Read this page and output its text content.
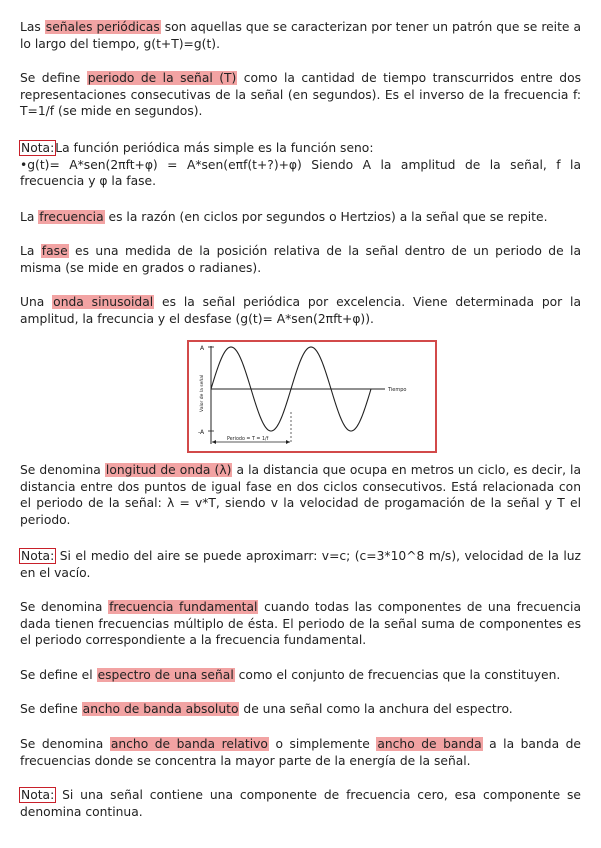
Las señales periódicas son aquellas que se caracterizan por tener un patrón que se reite a lo largo del tiempo, g(t+T)=g(t).

Se define periodo de la señal (T) como la cantidad de tiempo transcurridos entre dos representaciones consecutivas de la señal (en segundos). Es el inverso de la frecuencia f: T=1/f (se mide en segundos).

Nota:La función periódica más simple es la función seno:
•g(t)= A*sen(2πft+φ) = A*sen(eπf(t+?)+φ) Siendo A la amplitud de la señal, f la frecuencia y φ la fase.

La frecuencia es la razón (en ciclos por segundos o Hertzios) a la señal que se repite.

La fase es una medida de la posición relativa de la señal dentro de un periodo de la misma (se mide en grados o radianes).

Una onda sinusoidal es la señal periódica por excelencia. Viene determinada por la amplitud, la frecuncia y el desfase (g(t)= A*sen(2πft+φ)).

A
-A
Valor de la señal	Tiempo
Periodo = T = 1/f

Se denomina longitud de onda (λ) a la distancia que ocupa en metros un ciclo, es decir, la distancia entre dos puntos de igual fase en dos ciclos consecutivos. Está relacionada con el periodo de la señal: λ = v*T, siendo v la velocidad de progamación de la señal y T el periodo.

Nota: Si el medio del aire se puede aproximarr: v=c; (c=3*10^8 m/s), velocidad de la luz en el vacío.

Se denomina frecuencia fundamental cuando todas las componentes de una frecuencia dada tienen frecuencias múltiplo de ésta. El periodo de la señal suma de componentes es el periodo correspondiente a la frecuencia fundamental.

Se define el espectro de una señal como el conjunto de frecuencias que la constituyen.

Se define ancho de banda absoluto de una señal como la anchura del espectro.

Se denomina ancho de banda relativo o simplemente ancho de banda a la banda de frecuencias donde se concentra la mayor parte de la energía de la señal.

Nota: Si una señal contiene una componente de frecuencia cero, esa componente se denomina continua.
